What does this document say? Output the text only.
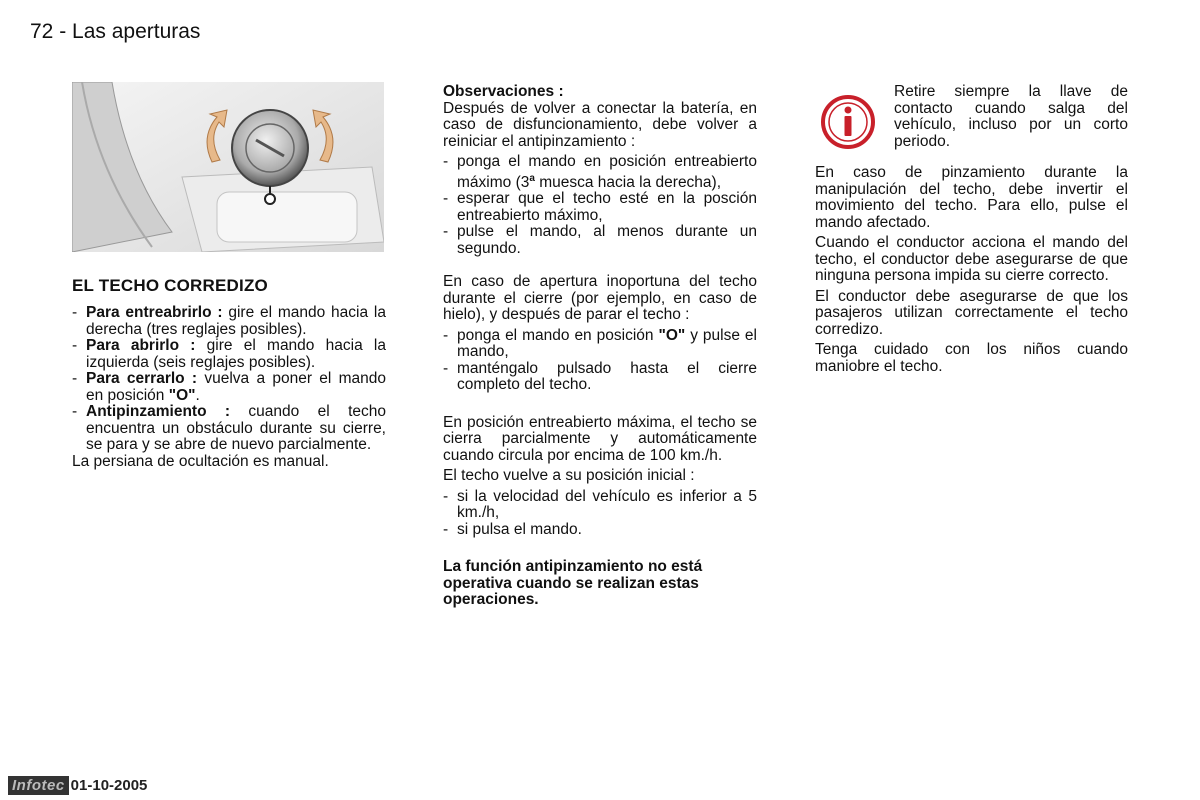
72 - Las aperturas
EL TECHO CORREDIZO
- Para entreabrirlo : gire el mando hacia la derecha (tres reglajes posibles).
- Para abrirlo : gire el mando hacia la izquierda (seis reglajes posibles).
- Para cerrarlo : vuelva a poner el mando en posición "O".
- Antipinzamiento : cuando el techo encuentra un obstáculo durante su cierre, se para y se abre de nuevo parcialmente.

La persiana de ocultación es manual.

Observaciones :

Después de volver a conectar la batería, en caso de disfuncionamiento, debe volver a reiniciar el antipinzamiento :

- ponga el mando en posición entreabierto máximo (3$^a$ muesca hacia la derecha),
- esperar que el techo esté en la posción entreabierto máximo,
- pulse el mando, al menos durante un segundo.

En caso de apertura inoportuna del techo durante el cierre (por ejemplo, en caso de hielo), y después de parar el techo :

- ponga el mando en posición "O" y pulse el mando,
- manténgalo pulsado hasta el cierre completo del techo.

En posición entreabierto máxima, el techo se cierra parcialmente y automáticamente cuando circula por encima de 100 km./h.

El techo vuelve a su posición inicial :

- si la velocidad del vehículo es inferior a 5 km./h,
- si pulsa el mando.

La función antipinzamiento no está operativa cuando se realizan estas operaciones.

Retire siempre la llave de contacto cuando salga del vehículo, incluso por un corto periodo.

En caso de pinzamiento durante la manipulación del techo, debe invertir el movimiento del techo. Para ello, pulse el mando afectado.

Cuando el conductor acciona el mando del techo, el conductor debe asegurarse de que ninguna persona impida su cierre correcto.

El conductor debe asegurarse de que los pasajeros utilizan correctamente el techo corredizo.

Tenga cuidado con los niños cuando maniobre el techo.

Infotec 01-10-2005
